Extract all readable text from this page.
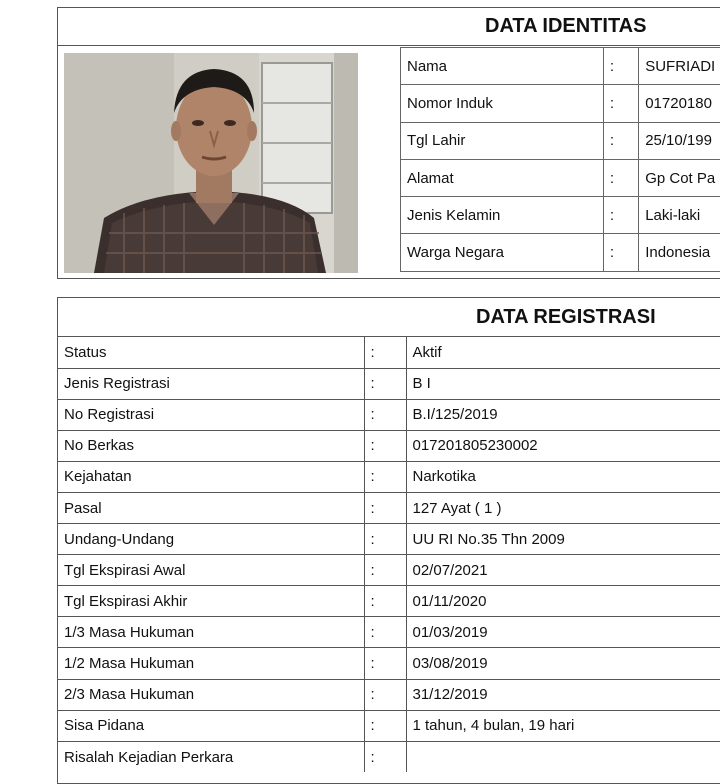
DATA IDENTITAS
Nama	:	SUFRIADI
Nomor Induk	:	01720180
Tgl Lahir	:	25/10/199
Alamat	:	Gp Cot Pa
Jenis Kelamin	:	Laki-laki
Warga Negara	:	Indonesia
DATA REGISTRASI
Status	:	Aktif
Jenis Registrasi	:	B I
No Registrasi	:	B.I/125/2019
No Berkas	:	017201805230002
Kejahatan	:	Narkotika
Pasal	:	127 Ayat ( 1 )
Undang-Undang	:	UU RI No.35 Thn 2009
Tgl Ekspirasi Awal	:	02/07/2021
Tgl Ekspirasi Akhir	:	01/11/2020
1/3 Masa Hukuman	:	01/03/2019
1/2 Masa Hukuman	:	03/08/2019
2/3 Masa Hukuman	:	31/12/2019
Sisa Pidana	:	1 tahun, 4 bulan, 19 hari
Risalah Kejadian Perkara	:	
